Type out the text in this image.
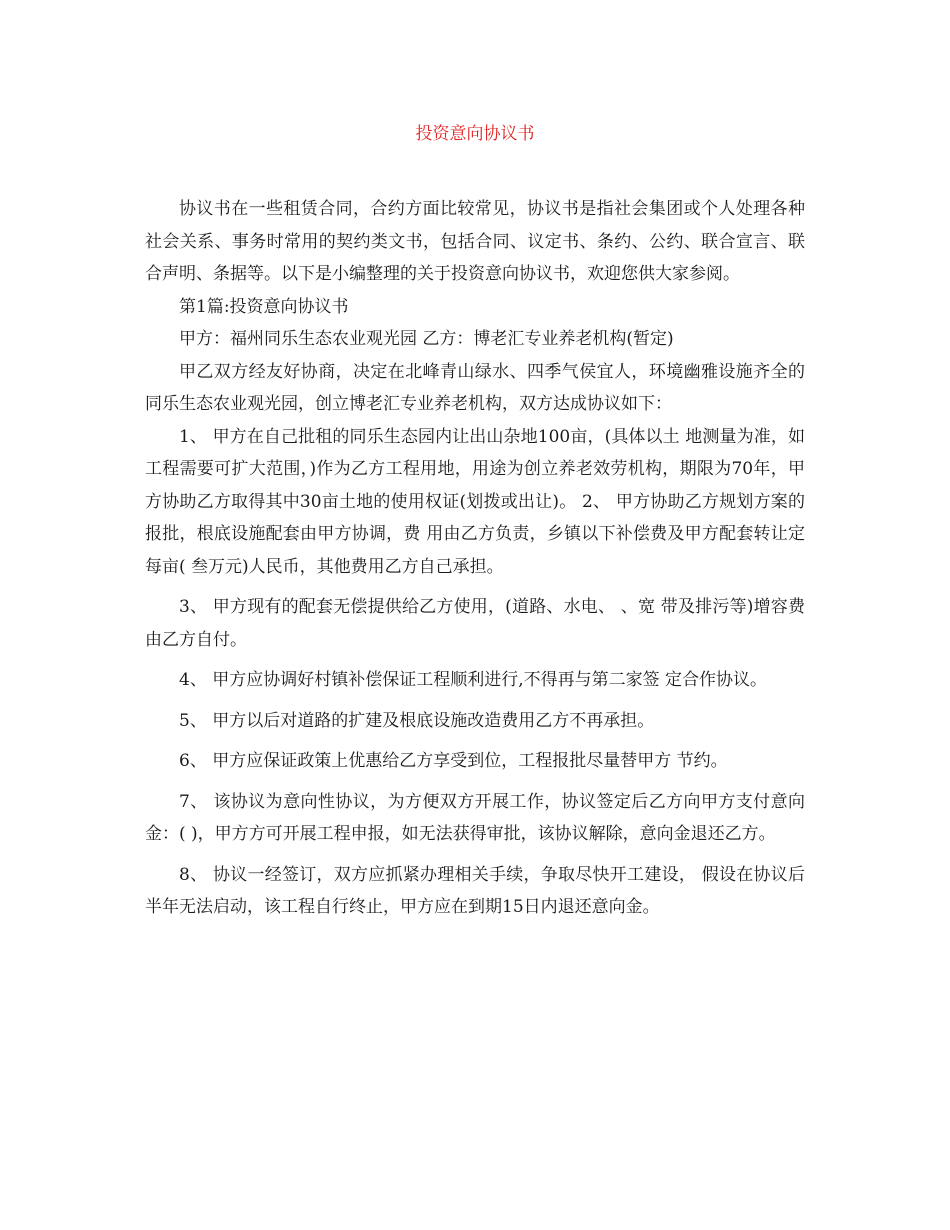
投资意向协议书

协议书在一些租赁合同，合约方面比较常见，协议书是指社会集团或个人处理各种社会关系、事务时常用的契约类文书，包括合同、议定书、条约、公约、联合宣言、联合声明、条据等。以下是小编整理的关于投资意向协议书，欢迎您供大家参阅。

第1篇:投资意向协议书

甲方：福州同乐生态农业观光园 乙方：博老汇专业养老机构(暂定)

甲乙双方经友好协商，决定在北峰青山绿水、四季气侯宜人，环境幽雅设施齐全的同乐生态农业观光园，创立博老汇专业养老机构，双方达成协议如下：

1、 甲方在自己批租的同乐生态园内让出山杂地100亩，(具体以土 地测量为准，如工程需要可扩大范围，)作为乙方工程用地，用途为创立养老效劳机构，期限为70年，甲方协助乙方取得其中30亩土地的使用权证(划拨或出让)。 2、 甲方协助乙方规划方案的报批，根底设施配套由甲方协调，费 用由乙方负责，乡镇以下补偿费及甲方配套转让定每亩( 叁万元)人民币，其他费用乙方自己承担。

3、 甲方现有的配套无偿提供给乙方使用，(道路、水电、 、宽 带及排污等)增容费由乙方自付。

4、 甲方应协调好村镇补偿保证工程顺利进行,不得再与第二家签 定合作协议。

5、 甲方以后对道路的扩建及根底设施改造费用乙方不再承担。

6、 甲方应保证政策上优惠给乙方享受到位，工程报批尽量替甲方 节约。

7、 该协议为意向性协议，为方便双方开展工作，协议签定后乙方向甲方支付意向金：( )，甲方方可开展工程申报，如无法获得审批，该协议解除，意向金退还乙方。

8、 协议一经签订，双方应抓紧办理相关手续，争取尽快开工建设， 假设在协议后半年无法启动，该工程自行终止，甲方应在到期15日内退还意向金。
